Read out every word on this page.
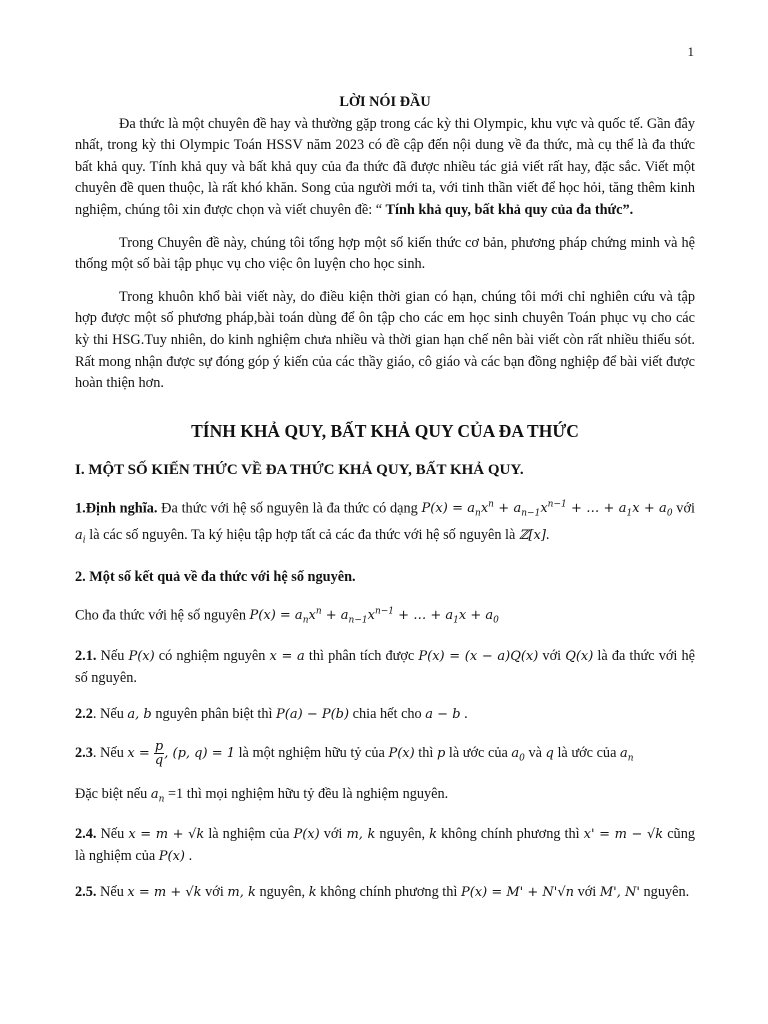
1

LỜI NÓI ĐẦU

Đa thức là một chuyên đề hay và thường gặp trong các kỳ thi Olympic, khu vực và quốc tế. Gần đây nhất, trong kỳ thi Olympic Toán HSSV năm 2023 có đề cập đến nội dung về đa thức, mà cụ thể là đa thức bất khả quy. Tính khả quy và bất khả quy của đa thức đã được nhiều tác giả viết rất hay, đặc sắc. Viết một chuyên đề quen thuộc, là rất khó khăn. Song của người mới ta, với tinh thần viết để học hỏi, tăng thêm kinh nghiệm, chúng tôi xin được chọn và viết chuyên đề: “ Tính khả quy, bất khả quy của đa thức”.

Trong Chuyên đề này, chúng tôi tổng hợp một số kiến thức cơ bản, phương pháp chứng minh và hệ thống một số bài tập phục vụ cho việc ôn luyện cho học sinh.

Trong khuôn khổ bài viết này, do điều kiện thời gian có hạn, chúng tôi mới chỉ nghiên cứu và tập hợp được một số phương pháp,bài toán dùng để ôn tập cho các em học sinh chuyên Toán phục vụ cho các kỳ thi HSG.Tuy nhiên, do kinh nghiệm chưa nhiều và thời gian hạn chế nên bài viết còn rất nhiều thiếu sót. Rất mong nhận được sự đóng góp ý kiến của các thầy giáo, cô giáo và các bạn đồng nghiệp để bài viết được hoàn thiện hơn.

TÍNH KHẢ QUY, BẤT KHẢ QUY CỦA ĐA THỨC

I. MỘT SỐ KIẾN THỨC VỀ ĐA THỨC KHẢ QUY, BẤT KHẢ QUY.

1.Định nghĩa. Đa thức với hệ số nguyên là đa thức có dạng $P(x) = a_nx^n + a_{n-1}x^{n-1}$ + … + $a_1x + a_0$ với $a_i$ là các số nguyên. Ta ký hiệu tập hợp tất cả các đa thức với hệ số nguyên là ℤ[x].

2. Một số kết quả về đa thức với hệ số nguyên.

Cho đa thức với hệ số nguyên $P(x) = a_nx^n + a_{n-1}x^{n-1}$ + … + $a_1x + a_0$

2.1. Nếu P(x) có nghiệm nguyên x = a thì phân tích được P(x) = (x − a)Q(x) với Q(x) là đa thức với hệ số nguyên.

2.2. Nếu a, b nguyên phân biệt thì P(a) − P(b) chia hết cho a − b .

2.3. Nếu $x = \frac{p}{q}$ , (p, q) = 1 là một nghiệm hữu tỷ của P(x) thì p là ước của $a_0$ và q là ước của $a_n$

Đặc biệt nếu $a_n =1$ thì mọi nghiệm hữu tỷ đều là nghiệm nguyên.

2.4. Nếu x = m + √k là nghiệm của P(x) với m, k nguyên, k không chính phương thì x' = m − √k cũng là nghiệm của P(x) .

2.5. Nếu x = m + √k với m, k nguyên, k không chính phương thì P(x) = M' + N'√n với M', N' nguyên.
